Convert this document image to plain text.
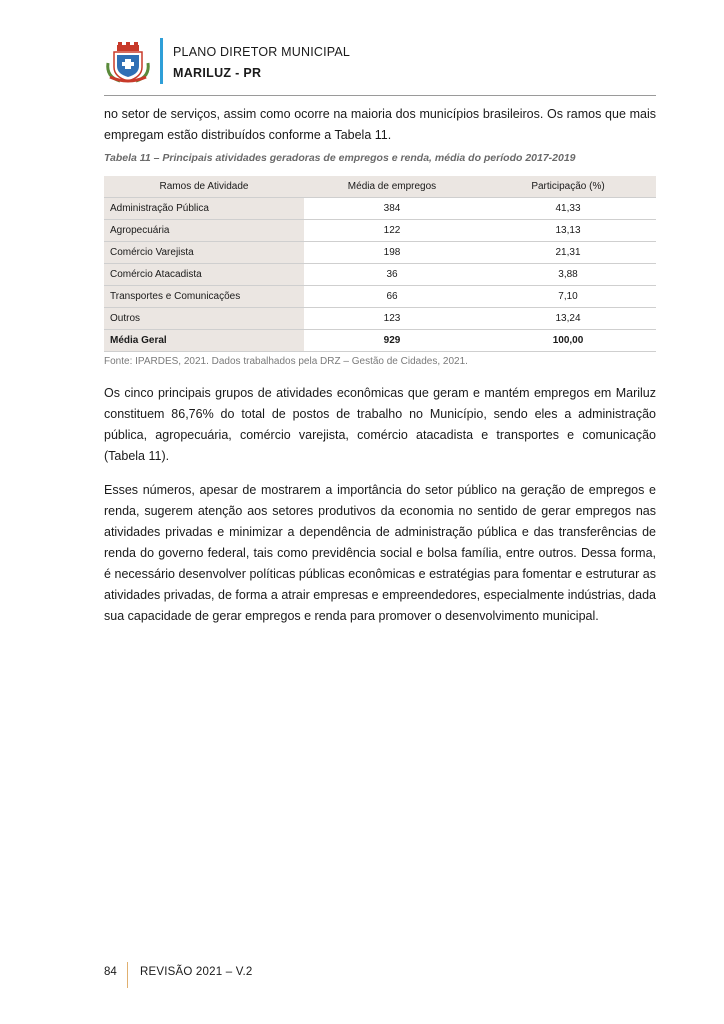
PLANO DIRETOR MUNICIPAL
MARILUZ - PR

no setor de serviços, assim como ocorre na maioria dos municípios brasileiros. Os ramos que mais empregam estão distribuídos conforme a Tabela 11.

Tabela 11 – Principais atividades geradoras de empregos e renda, média do período 2017-2019

Ramos de Atividade	Média de empregos	Participação (%)
Administração Pública	384	41,33
Agropecuária	122	13,13
Comércio Varejista	198	21,31
Comércio Atacadista	36	3,88
Transportes e Comunicações	66	7,10
Outros	123	13,24
Média Geral	929	100,00

Fonte: IPARDES, 2021. Dados trabalhados pela DRZ – Gestão de Cidades, 2021.

Os cinco principais grupos de atividades econômicas que geram e mantém empregos em Mariluz constituem 86,76% do total de postos de trabalho no Município, sendo eles a administração pública, agropecuária, comércio varejista, comércio atacadista e transportes e comunicação (Tabela 11).

Esses números, apesar de mostrarem a importância do setor público na geração de empregos e renda, sugerem atenção aos setores produtivos da economia no sentido de gerar empregos nas atividades privadas e minimizar a dependência de administração pública e das transferências de renda do governo federal, tais como previdência social e bolsa família, entre outros. Dessa forma, é necessário desenvolver políticas públicas econômicas e estratégias para fomentar e estruturar as atividades privadas, de forma a atrair empresas e empreendedores, especialmente indústrias, dada sua capacidade de gerar empregos e renda para promover o desenvolvimento municipal.

84 REVISÃO 2021 – V.2
